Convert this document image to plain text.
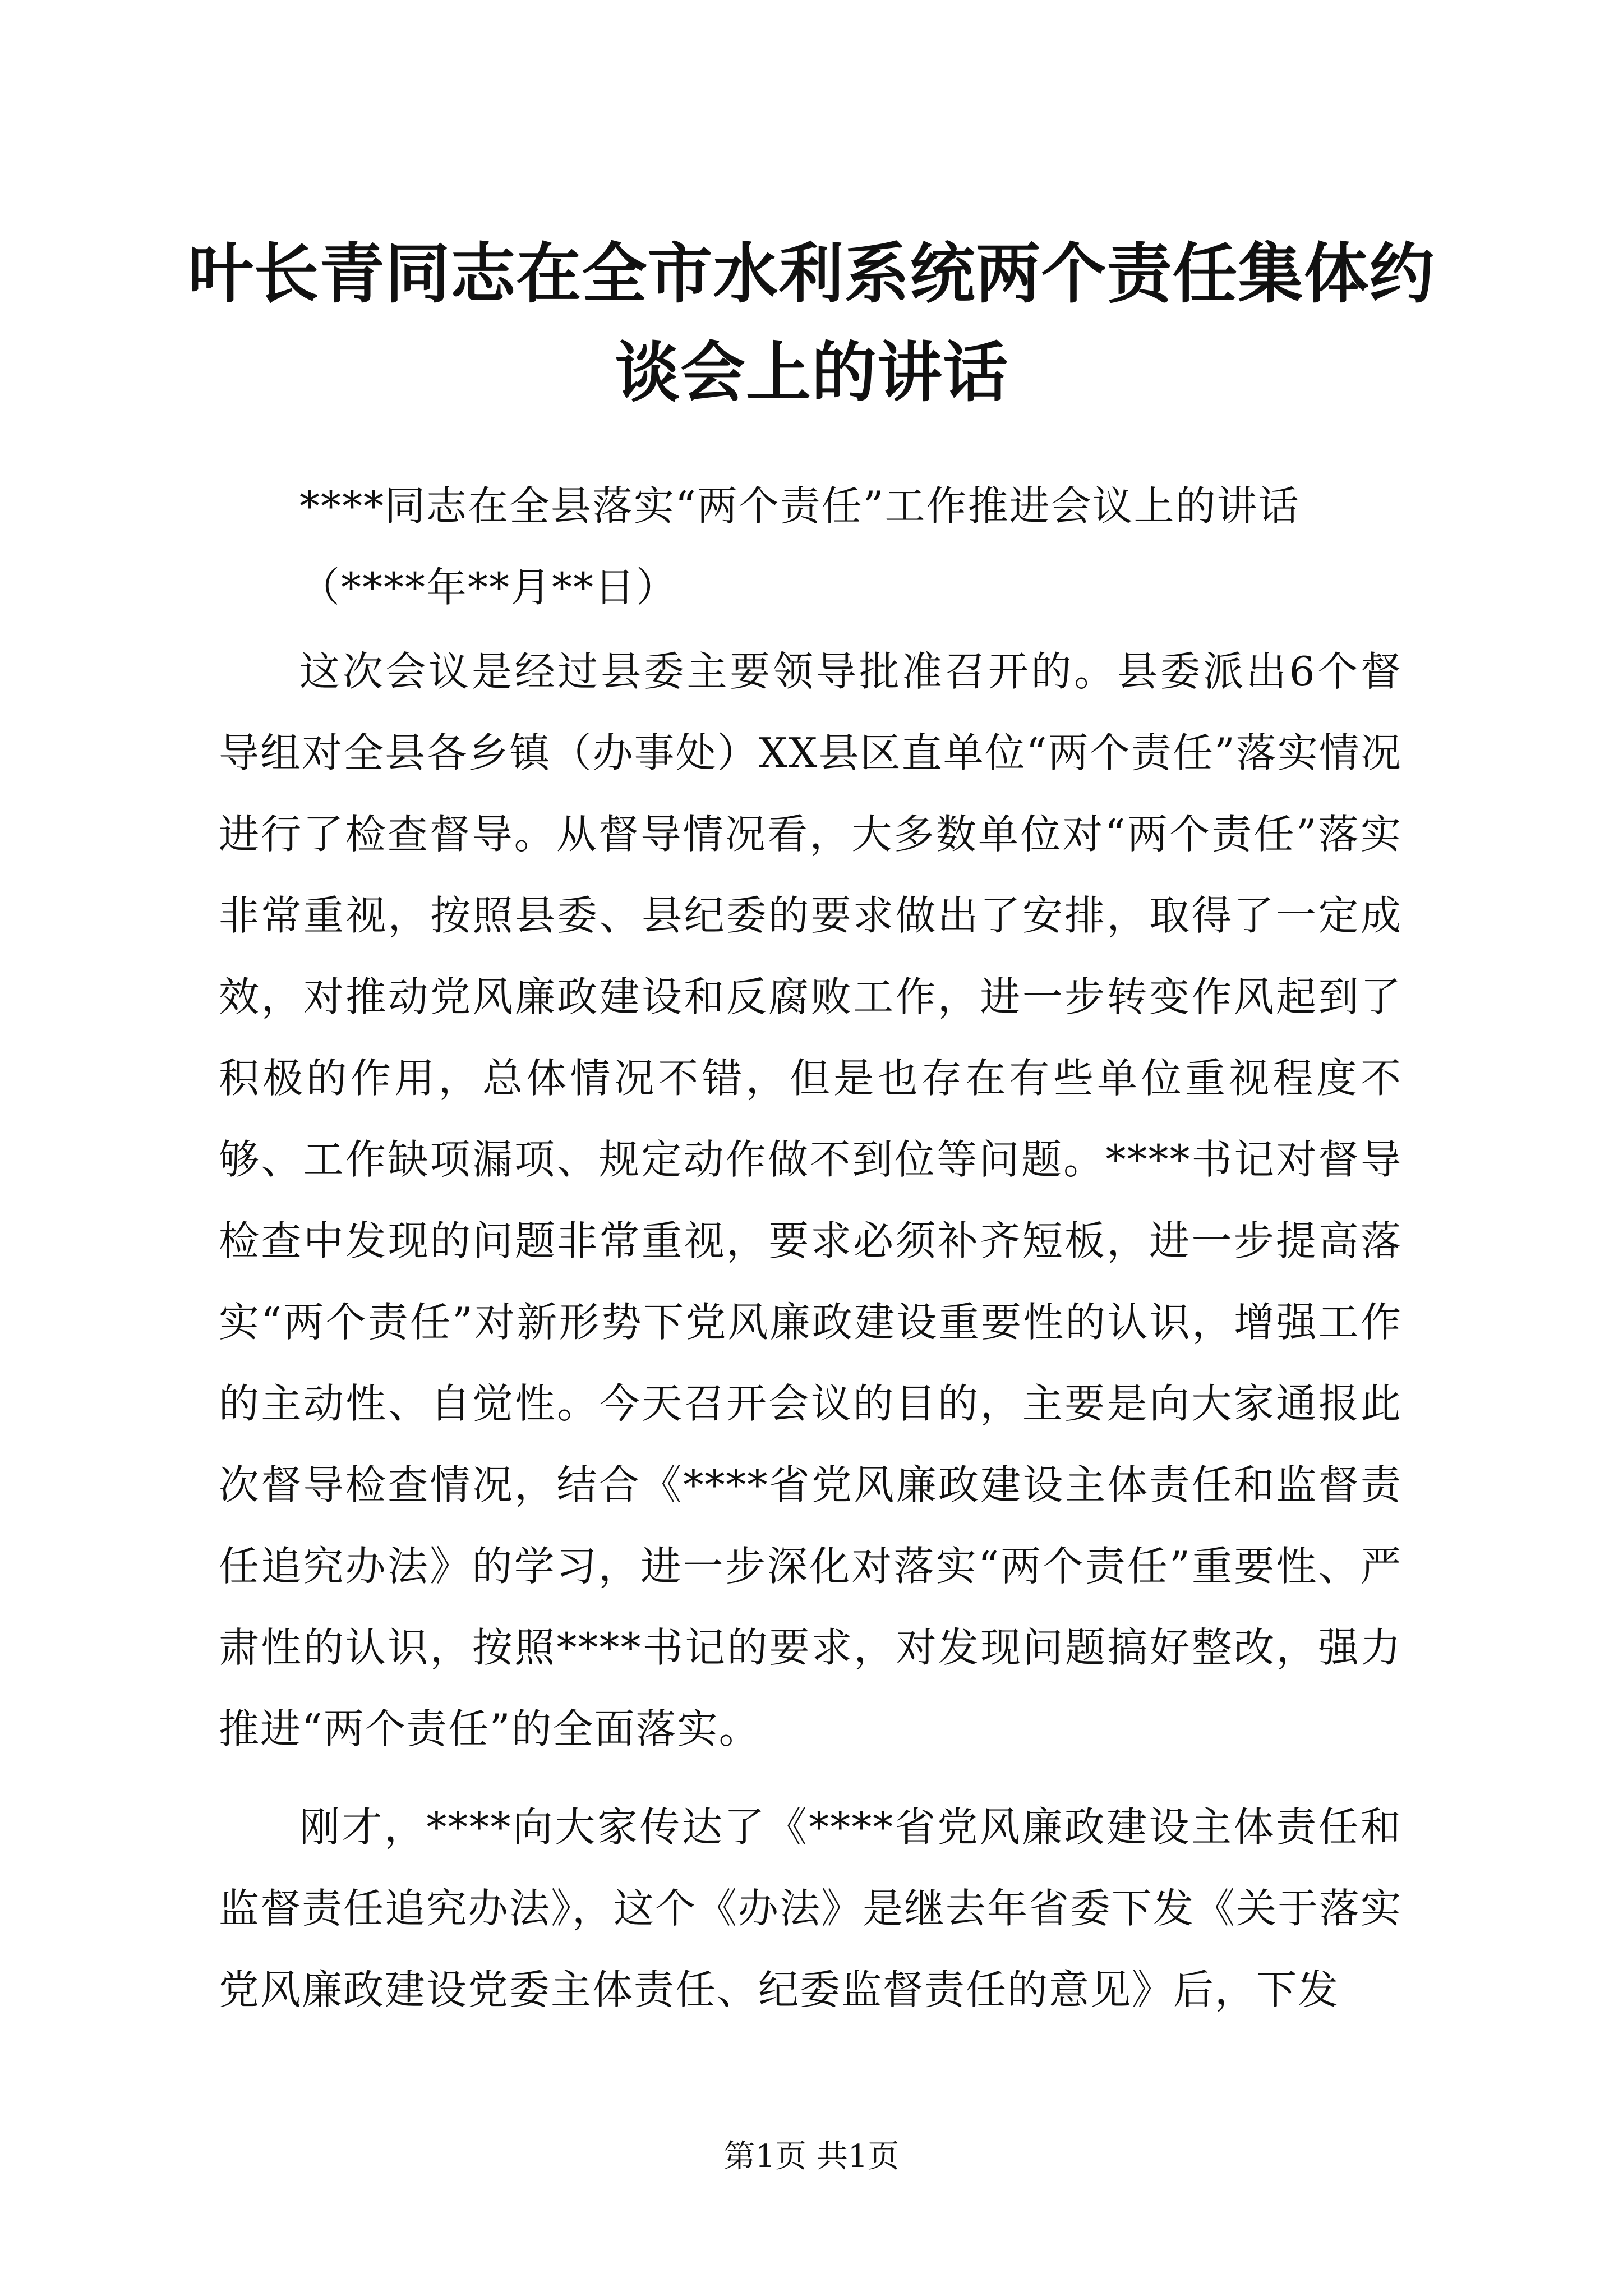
叶长青同志在全市水利系统两个责任集体约谈会上的讲话

****同志在全县落实“两个责任”工作推进会议上的讲话

（****年**月**日）

这次会议是经过县委主要领导批准召开的。县委派出6个督导组对全县各乡镇（办事处）XX县区直单位“两个责任”落实情况进行了检查督导。从督导情况看，大多数单位对“两个责任”落实非常重视，按照县委、县纪委的要求做出了安排，取得了一定成效，对推动党风廉政建设和反腐败工作，进一步转变作风起到了积极的作用，总体情况不错，但是也存在有些单位重视程度不够、工作缺项漏项、规定动作做不到位等问题。****书记对督导检查中发现的问题非常重视，要求必须补齐短板，进一步提高落实“两个责任”对新形势下党风廉政建设重要性的认识，增强工作的主动性、自觉性。今天召开会议的目的，主要是向大家通报此次督导检查情况，结合《****省党风廉政建设主体责任和监督责任追究办法》的学习，进一步深化对落实“两个责任”重要性、严肃性的认识，按照****书记的要求，对发现问题搞好整改，强力推进“两个责任”的全面落实。

刚才，****向大家传达了《****省党风廉政建设主体责任和监督责任追究办法》，这个《办法》是继去年省委下发《关于落实党风廉政建设党委主体责任、纪委监督责任的意见》后，下发

第1页 共1页
